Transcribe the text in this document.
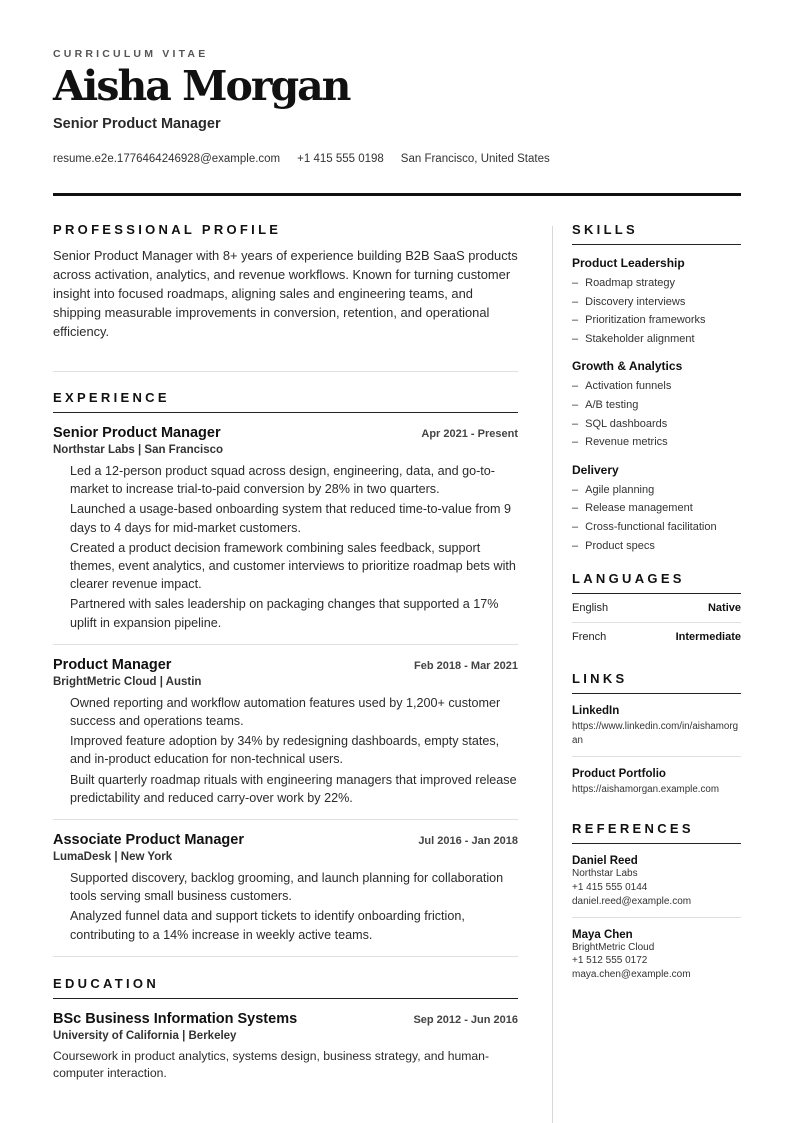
CURRICULUM VITAE
Aisha Morgan
Senior Product Manager
resume.e2e.1776464246928@example.com +1 415 555 0198 San Francisco, United States
PROFESSIONAL PROFILE
Senior Product Manager with 8+ years of experience building B2B SaaS products across activation, analytics, and revenue workflows. Known for turning customer insight into focused roadmaps, aligning sales and engineering teams, and shipping measurable improvements in conversion, retention, and operational efficiency.
EXPERIENCE
Senior Product Manager	Apr 2021 - Present
Northstar Labs | San Francisco
Led a 12-person product squad across design, engineering, data, and go-to-market to increase trial-to-paid conversion by 28% in two quarters.
Launched a usage-based onboarding system that reduced time-to-value from 9 days to 4 days for mid-market customers.
Created a product decision framework combining sales feedback, support themes, event analytics, and customer interviews to prioritize roadmap bets with clearer revenue impact.
Partnered with sales leadership on packaging changes that supported a 17% uplift in expansion pipeline.
Product Manager	Feb 2018 - Mar 2021
BrightMetric Cloud | Austin
Owned reporting and workflow automation features used by 1,200+ customer success and operations teams.
Improved feature adoption by 34% by redesigning dashboards, empty states, and in-product education for non-technical users.
Built quarterly roadmap rituals with engineering managers that improved release predictability and reduced carry-over work by 22%.
Associate Product Manager	Jul 2016 - Jan 2018
LumaDesk | New York
Supported discovery, backlog grooming, and launch planning for collaboration tools serving small business customers.
Analyzed funnel data and support tickets to identify onboarding friction, contributing to a 14% increase in weekly active teams.
EDUCATION
BSc Business Information Systems	Sep 2012 - Jun 2016
University of California | Berkeley
Coursework in product analytics, systems design, business strategy, and human-computer interaction.
SKILLS
Product Leadership
– Roadmap strategy
– Discovery interviews
– Prioritization frameworks
– Stakeholder alignment
Growth & Analytics
– Activation funnels
– A/B testing
– SQL dashboards
– Revenue metrics
Delivery
– Agile planning
– Release management
– Cross-functional facilitation
– Product specs
LANGUAGES
English	Native
French	Intermediate
LINKS
LinkedIn
https://www.linkedin.com/in/aishamorgan
Product Portfolio
https://aishamorgan.example.com
REFERENCES
Daniel Reed
Northstar Labs
+1 415 555 0144
daniel.reed@example.com
Maya Chen
BrightMetric Cloud
+1 512 555 0172
maya.chen@example.com
